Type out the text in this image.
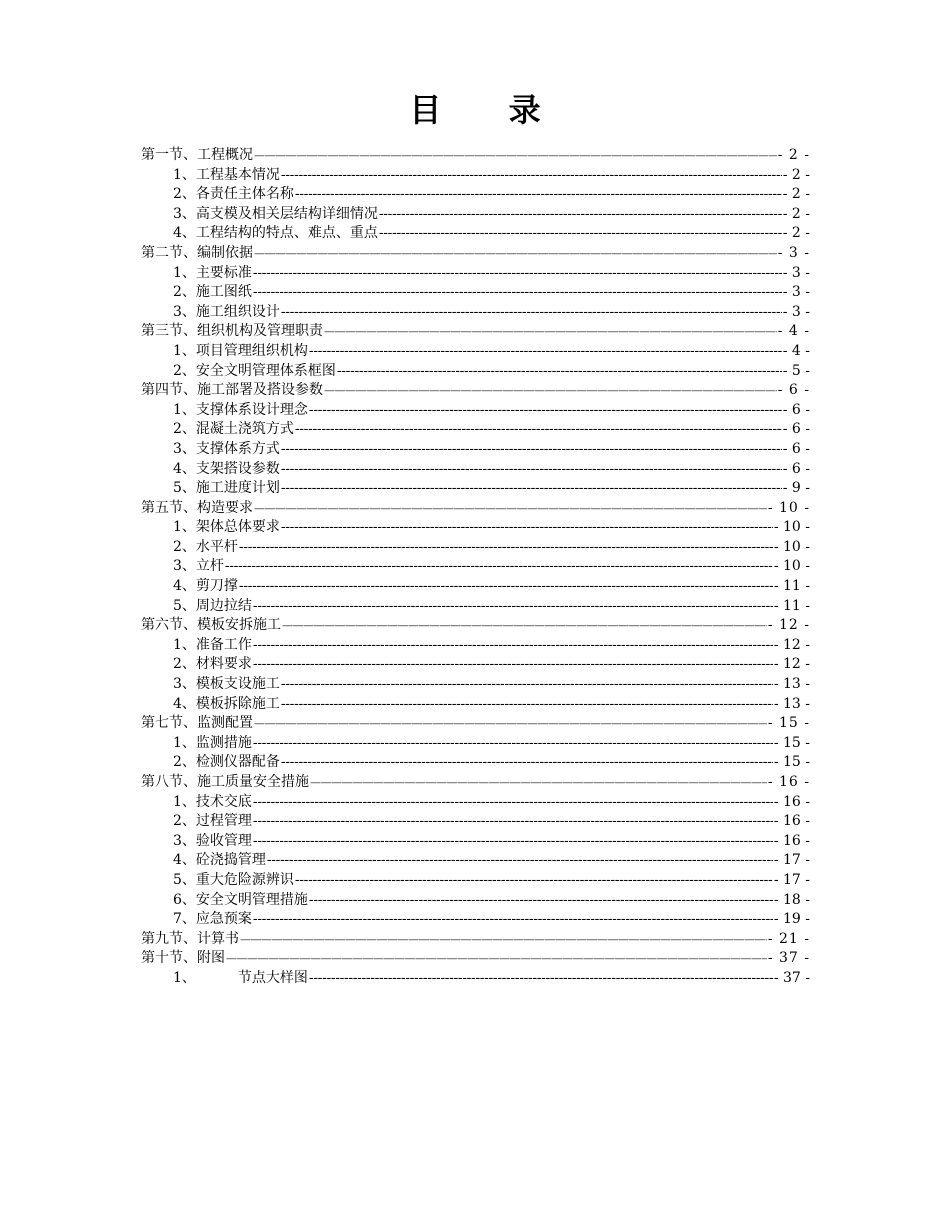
目 录
第一节、工程概况 —————	- 2 -
1、工程基本情况 - - -	- 2 -
2、各责任主体名称 - - -	- 2 -
3、高支模及相关层结构详细情况 - - -	- 2 -
4、工程结构的特点、难点、重点 - - -	- 2 -
第二节、编制依据 —————	- 3 -
1、主要标准 - - -	- 3 -
2、施工图纸 - - -	- 3 -
3、施工组织设计 - - -	- 3 -
第三节、组织机构及管理职责 —————	- 4 -
1、项目管理组织机构 - - -	- 4 -
2、安全文明管理体系框图 - - -	- 5 -
第四节、施工部署及搭设参数 —————	- 6 -
1、支撑体系设计理念 - - -	- 6 -
2、混凝土浇筑方式 - - -	- 6 -
3、支撑体系方式 - - -	- 6 -
4、支架搭设参数 - - -	- 6 -
5、施工进度计划 - - -	- 9 -
第五节、构造要求 —————	- 10 -
1、架体总体要求 - - -	- 10 -
2、水平杆 - - -	- 10 -
3、立杆 - - -	- 10 -
4、剪刀撑 - - -	- 11 -
5、周边拉结 - - -	- 11 -
第六节、模板安拆施工 —————	- 12 -
1、准备工作 - - -	- 12 -
2、材料要求 - - -	- 12 -
3、模板支设施工 - - -	- 13 -
4、模板拆除施工 - - -	- 13 -
第七节、监测配置 —————	- 15 -
1、监测措施 - - -	- 15 -
2、检测仪器配备 - - -	- 15 -
第八节、施工质量安全措施 —————	- 16 -
1、技术交底 - - -	- 16 -
2、过程管理 - - -	- 16 -
3、验收管理 - - -	- 16 -
4、砼浇捣管理 - - -	- 17 -
5、重大危险源辨识 - - -	- 17 -
6、安全文明管理措施 - - -	- 18 -
7、应急预案 - - -	- 19 -
第九节、计算书 —————	- 21 -
第十节、附图 —————	- 37 -
1、	节点大样图 - - -	- 37 -
